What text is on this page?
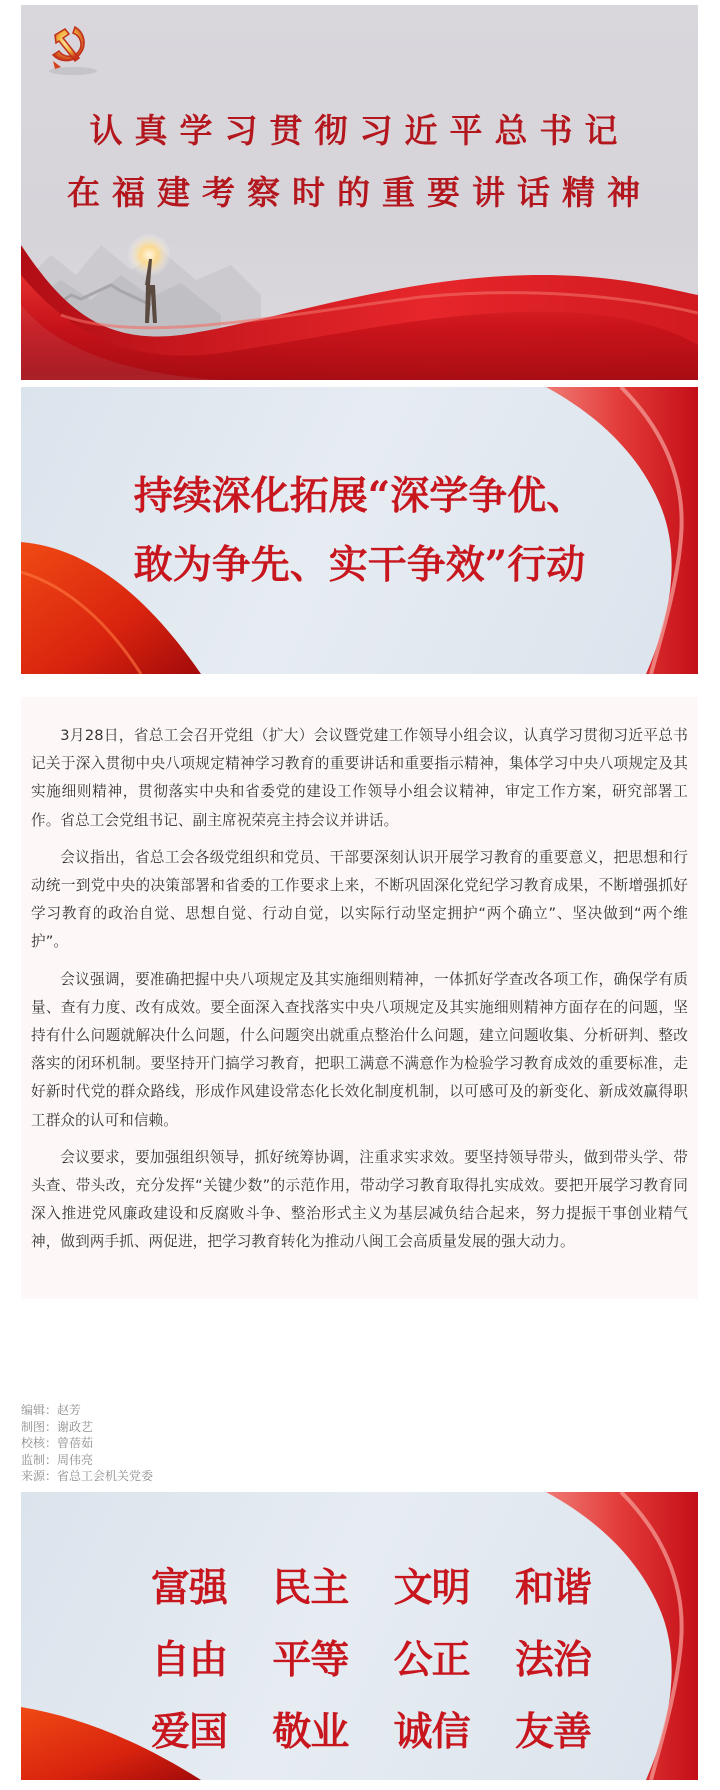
认真学习贯彻习近平总书记
在福建考察时的重要讲话精神
持续深化拓展“深学争优、
敢为争先、实干争效”行动

3月28日，省总工会召开党组（扩大）会议暨党建工作领导小组会议，认真学习贯彻习近平总书记关于深入贯彻中央八项规定精神学习教育的重要讲话和重要指示精神，集体学习中央八项规定及其实施细则精神，贯彻落实中央和省委党的建设工作领导小组会议精神，审定工作方案，研究部署工作。省总工会党组书记、副主席祝荣亮主持会议并讲话。

会议指出，省总工会各级党组织和党员、干部要深刻认识开展学习教育的重要意义，把思想和行动统一到党中央的决策部署和省委的工作要求上来，不断巩固深化党纪学习教育成果，不断增强抓好学习教育的政治自觉、思想自觉、行动自觉，以实际行动坚定拥护“两个确立”、坚决做到“两个维护”。

会议强调，要准确把握中央八项规定及其实施细则精神，一体抓好学查改各项工作，确保学有质量、查有力度、改有成效。要全面深入查找落实中央八项规定及其实施细则精神方面存在的问题，坚持有什么问题就解决什么问题，什么问题突出就重点整治什么问题，建立问题收集、分析研判、整改落实的闭环机制。要坚持开门搞学习教育，把职工满意不满意作为检验学习教育成效的重要标准，走好新时代党的群众路线，形成作风建设常态化长效化制度机制，以可感可及的新变化、新成效赢得职工群众的认可和信赖。

会议要求，要加强组织领导，抓好统筹协调，注重求实求效。要坚持领导带头，做到带头学、带头查、带头改，充分发挥“关键少数”的示范作用，带动学习教育取得扎实成效。要把开展学习教育同深入推进党风廉政建设和反腐败斗争、整治形式主义为基层减负结合起来，努力提振干事创业精气神，做到两手抓、两促进，把学习教育转化为推动八闽工会高质量发展的强大动力。

编辑：赵芳
制图：谢政艺
校核：曾蓓茹
监制：周伟亮
来源：省总工会机关党委
富强 民主 文明 和谐
自由 平等 公正 法治
爱国 敬业 诚信 友善
